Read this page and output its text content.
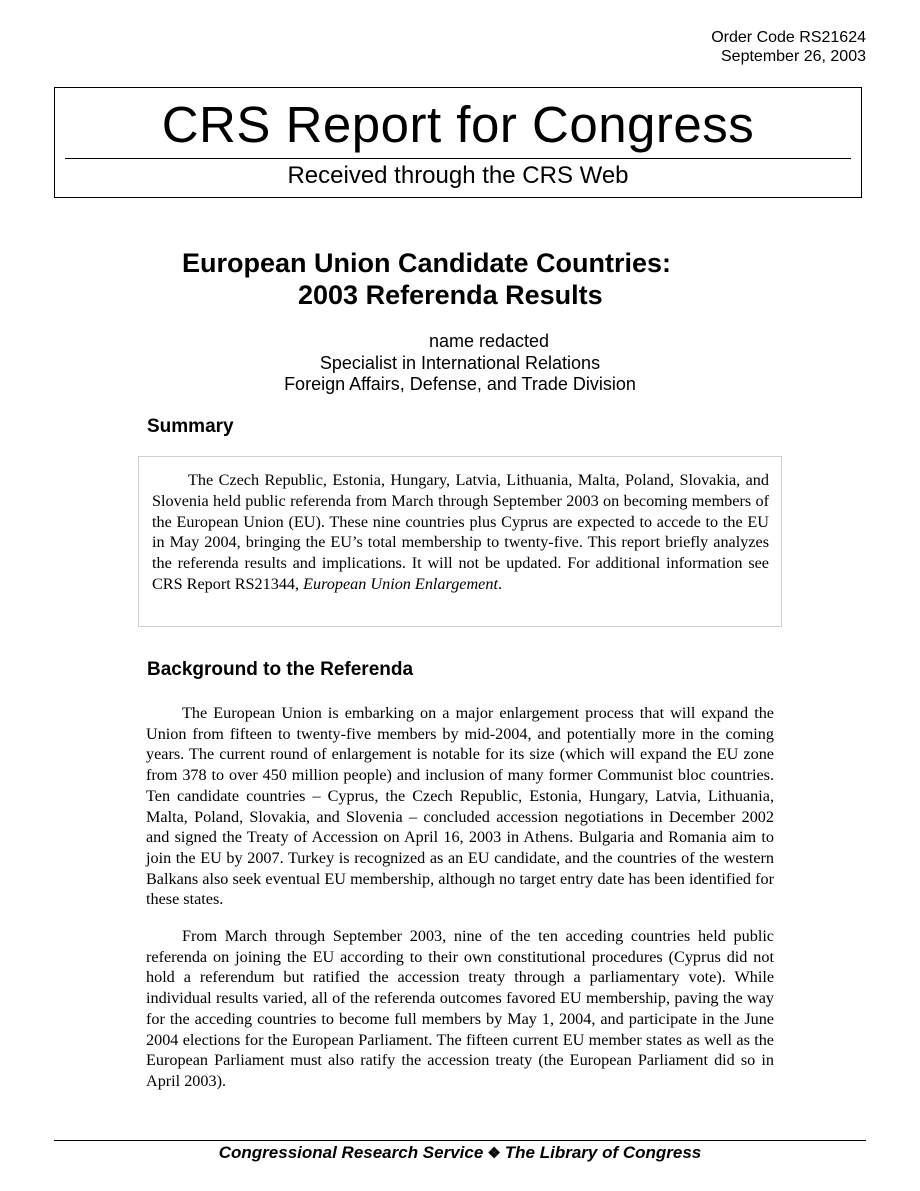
Order Code RS21624
September 26, 2003
CRS Report for Congress
Received through the CRS Web
European Union Candidate Countries:
2003 Referenda Results
name redacted
Specialist in International Relations
Foreign Affairs, Defense, and Trade Division
Summary

The Czech Republic, Estonia, Hungary, Latvia, Lithuania, Malta, Poland, Slovakia, and Slovenia held public referenda from March through September 2003 on becoming members of the European Union (EU). These nine countries plus Cyprus are expected to accede to the EU in May 2004, bringing the EU’s total membership to twenty-five. This report briefly analyzes the referenda results and implications. It will not be updated. For additional information see CRS Report RS21344, European Union Enlargement.

Background to the Referenda

The European Union is embarking on a major enlargement process that will expand the Union from fifteen to twenty-five members by mid-2004, and potentially more in the coming years. The current round of enlargement is notable for its size (which will expand the EU zone from 378 to over 450 million people) and inclusion of many former Communist bloc countries. Ten candidate countries – Cyprus, the Czech Republic, Estonia, Hungary, Latvia, Lithuania, Malta, Poland, Slovakia, and Slovenia – concluded accession negotiations in December 2002 and signed the Treaty of Accession on April 16, 2003 in Athens. Bulgaria and Romania aim to join the EU by 2007. Turkey is recognized as an EU candidate, and the countries of the western Balkans also seek eventual EU membership, although no target entry date has been identified for these states.

From March through September 2003, nine of the ten acceding countries held public referenda on joining the EU according to their own constitutional procedures (Cyprus did not hold a referendum but ratified the accession treaty through a parliamentary vote). While individual results varied, all of the referenda outcomes favored EU membership, paving the way for the acceding countries to become full members by May 1, 2004, and participate in the June 2004 elections for the European Parliament. The fifteen current EU member states as well as the European Parliament must also ratify the accession treaty (the European Parliament did so in April 2003).

Congressional Research Service ❖ The Library of Congress
